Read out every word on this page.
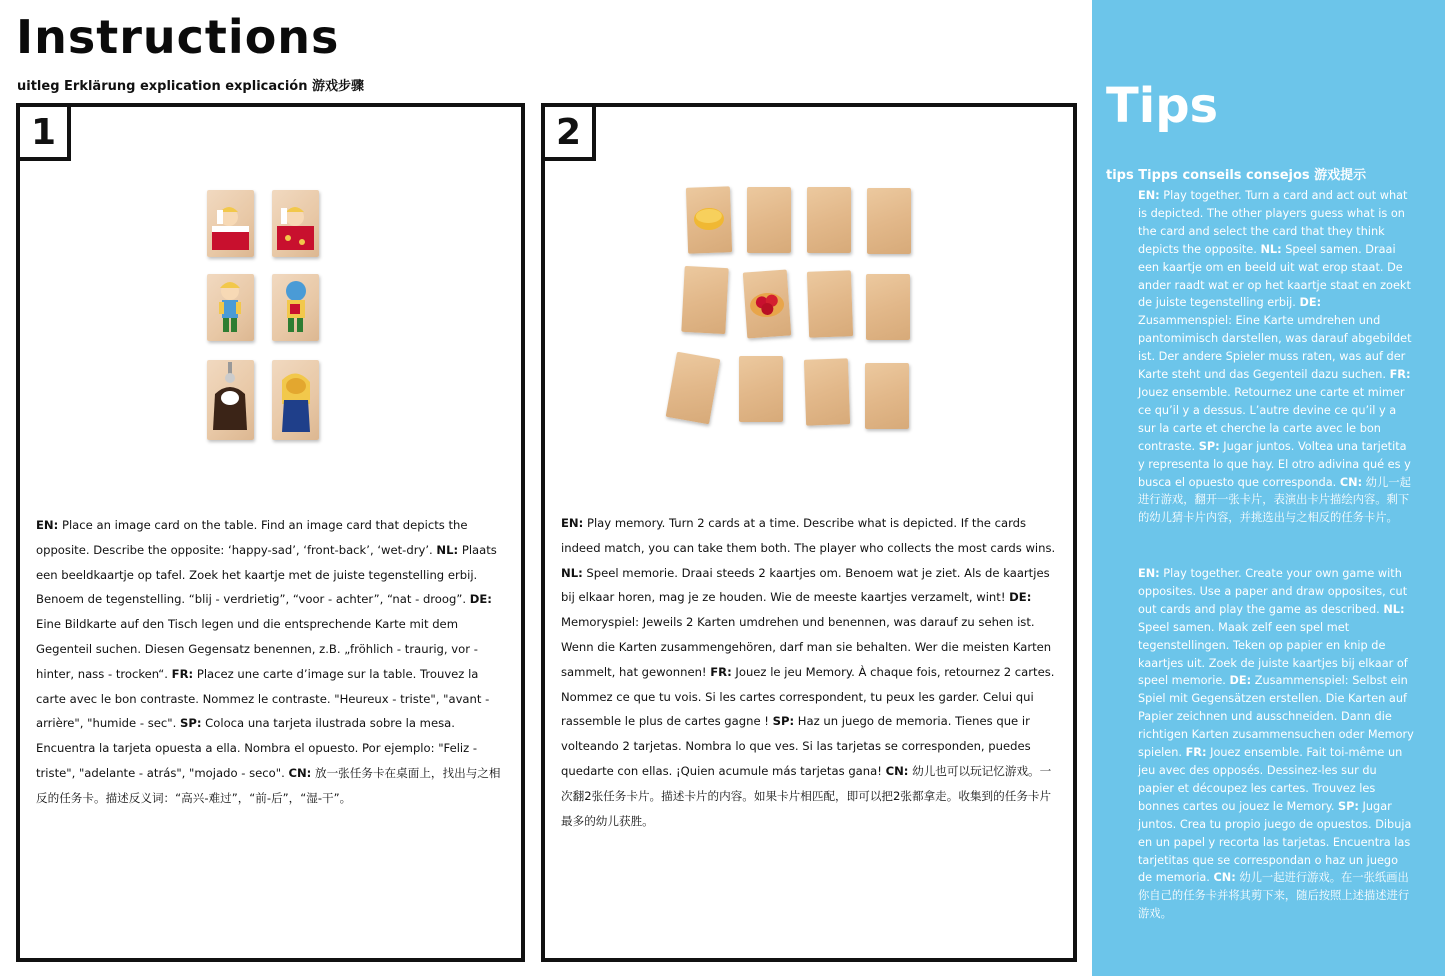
Instructions
uitleg Erklärung explication explicación 游戏步骤
1
EN: Place an image card on the table. Find an image card that depicts the opposite. Describe the opposite: ‘happy-sad’, ‘front-back’, ‘wet-dry’. NL: Plaats een beeldkaartje op tafel. Zoek het kaartje met de juiste tegenstelling erbij. Benoem de tegenstelling. “blij - verdrietig”, “voor - achter”, “nat - droog”. DE: Eine Bildkarte auf den Tisch legen und die entsprechende Karte mit dem Gegenteil suchen. Diesen Gegensatz benennen, z.B. „fröhlich - traurig, vor - hinter, nass - trocken“. FR: Placez une carte d’image sur la table. Trouvez la carte avec le bon contraste. Nommez le contraste. "Heureux - triste", "avant - arrière", "humide - sec". SP: Coloca una tarjeta ilustrada sobre la mesa. Encuentra la tarjeta opuesta a ella. Nombra el opuesto. Por ejemplo: "Feliz - triste", "adelante - atrás", "mojado - seco". CN: 放一张任务卡在桌面上，找出与之相反的任务卡。描述反义词：“高兴-难过”，“前-后”，“湿-干”。
2
EN: Play memory. Turn 2 cards at a time. Describe what is depicted. If the cards indeed match, you can take them both. The player who collects the most cards wins. NL: Speel memorie. Draai steeds 2 kaartjes om. Benoem wat je ziet. Als de kaartjes bij elkaar horen, mag je ze houden. Wie de meeste kaartjes verzamelt, wint! DE: Memoryspiel: Jeweils 2 Karten umdrehen und benennen, was darauf zu sehen ist. Wenn die Karten zusammengehören, darf man sie behalten. Wer die meisten Karten sammelt, hat gewonnen! FR: Jouez le jeu Memory. À chaque fois, retournez 2 cartes. Nommez ce que tu vois. Si les cartes correspondent, tu peux les garder. Celui qui rassemble le plus de cartes gagne ! SP: Haz un juego de memoria. Tienes que ir volteando 2 tarjetas. Nombra lo que ves. Si las tarjetas se corresponden, puedes quedarte con ellas. ¡Quien acumule más tarjetas gana! CN: 幼儿也可以玩记忆游戏。一次翻2张任务卡片。描述卡片的内容。如果卡片相匹配，即可以把2张都拿走。收集到的任务卡片最多的幼儿获胜。
Tips
tips Tipps conseils consejos 游戏提示
EN: Play together. Turn a card and act out what is depicted. The other players guess what is on the card and select the card that they think depicts the opposite. NL: Speel samen. Draai een kaartje om en beeld uit wat erop staat. De ander raadt wat er op het kaartje staat en zoekt de juiste tegenstelling erbij. DE: Zusammenspiel: Eine Karte umdrehen und pantomimisch darstellen, was darauf abgebildet ist. Der andere Spieler muss raten, was auf der Karte steht und das Gegenteil dazu suchen. FR: Jouez ensemble. Retournez une carte et mimer ce qu’il y a dessus. L’autre devine ce qu’il y a sur la carte et cherche la carte avec le bon contraste. SP: Jugar juntos. Voltea una tarjetita y representa lo que hay. El otro adivina qué es y busca el opuesto que corresponda. CN: 幼儿一起进行游戏，翻开一张卡片，表演出卡片描绘内容。剩下的幼儿猜卡片内容，并挑选出与之相反的任务卡片。
EN: Play together. Create your own game with opposites. Use a paper and draw opposites, cut out cards and play the game as described. NL: Speel samen. Maak zelf een spel met tegenstellingen. Teken op papier en knip de kaartjes uit. Zoek de juiste kaartjes bij elkaar of speel memorie. DE: Zusammenspiel: Selbst ein Spiel mit Gegensätzen erstellen. Die Karten auf Papier zeichnen und ausschneiden. Dann die richtigen Karten zusammensuchen oder Memory spielen. FR: Jouez ensemble. Fait toi-même un jeu avec des opposés. Dessinez-les sur du papier et découpez les cartes. Trouvez les bonnes cartes ou jouez le Memory. SP: Jugar juntos. Crea tu propio juego de opuestos. Dibuja en un papel y recorta las tarjetas. Encuentra las tarjetitas que se correspondan o haz un juego de memoria. CN: 幼儿一起进行游戏。在一张纸画出你自己的任务卡并将其剪下来，随后按照上述描述进行游戏。
